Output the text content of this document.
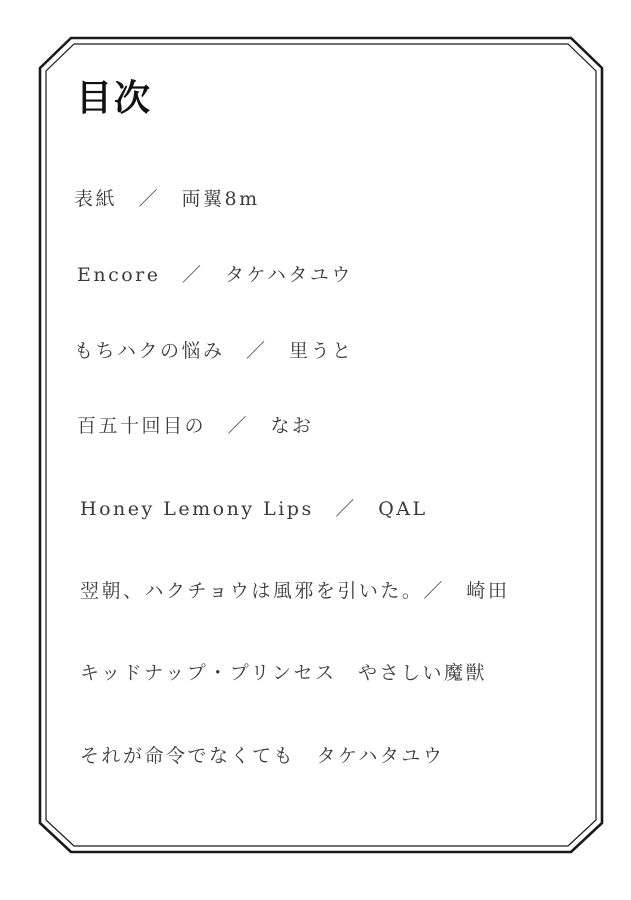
目次
表紙　／　両翼8m
Encore　／　タケハタユウ
もちハクの悩み　／　里うと
百五十回目の　／　なお
Honey Lemony Lips　／　QAL
翌朝、ハクチョウは風邪を引いた。／　崎田
キッドナップ・プリンセス　やさしい魔獣
それが命令でなくても　タケハタユウ
